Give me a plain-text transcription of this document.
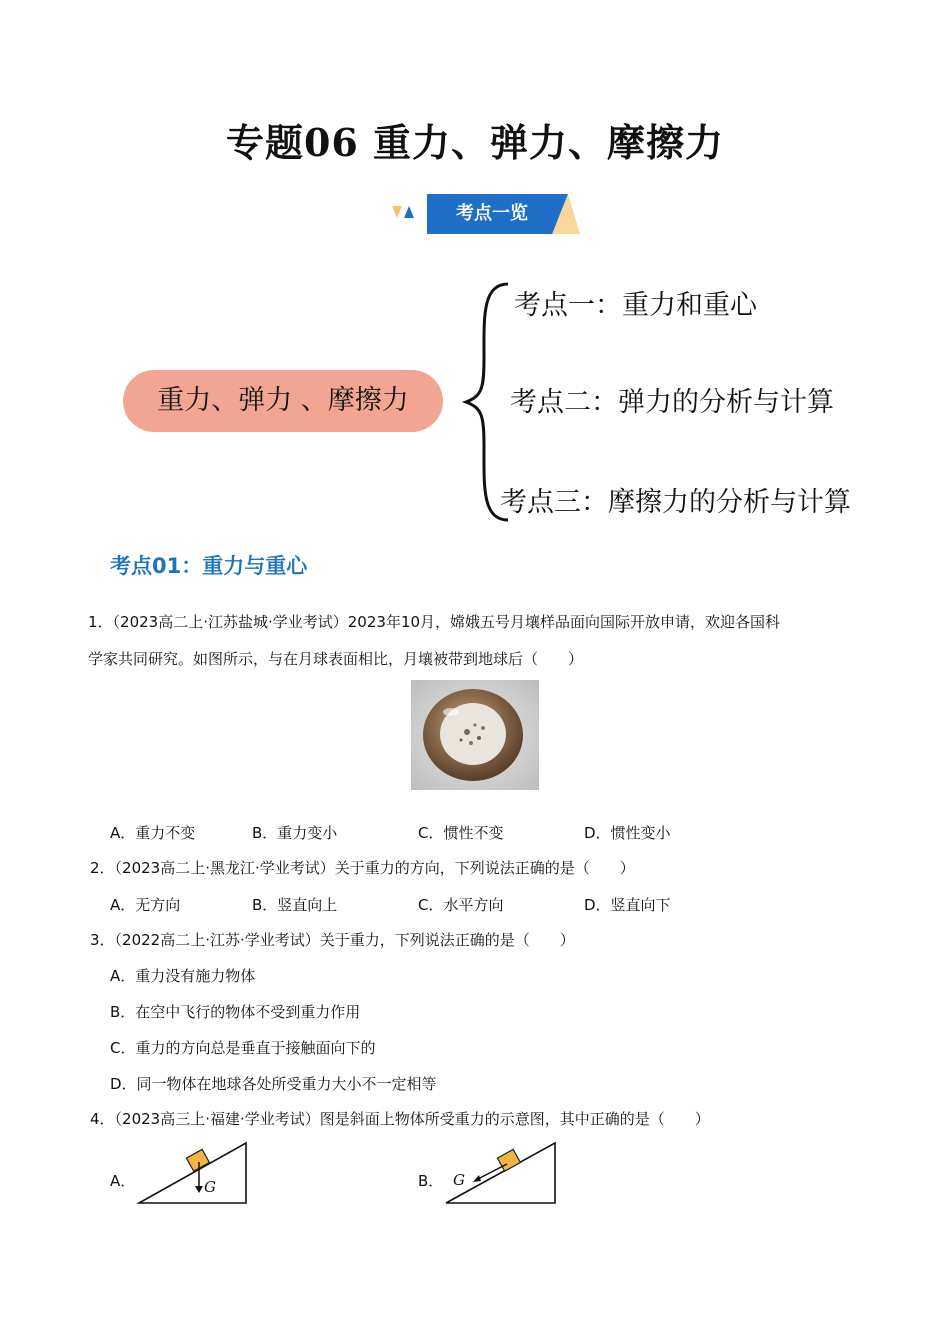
专题06 重力、弹力、摩擦力
考点一览
重力、弹力 、摩擦力
考点一：重力和重心
考点二：弹力的分析与计算
考点三：摩擦力的分析与计算
考点01：重力与重心
1．（2023高二上·江苏盐城·学业考试）2023年10月，嫦娥五号月壤样品面向国际开放申请，欢迎各国科
学家共同研究。如图所示，与在月球表面相比，月壤被带到地球后（　　）
A．重力不变	B．重力变小	C．惯性不变	D．惯性变小
2．（2023高二上·黑龙江·学业考试）关于重力的方向，下列说法正确的是（　　）
A．无方向	B．竖直向上	C．水平方向	D．竖直向下
3．（2022高二上·江苏·学业考试）关于重力，下列说法正确的是（　　）
A．重力没有施力物体
B．在空中飞行的物体不受到重力作用
C．重力的方向总是垂直于接触面向下的
D．同一物体在地球各处所受重力大小不一定相等
4．（2023高三上·福建·学业考试）图是斜面上物体所受重力的示意图，其中正确的是（　　）
A．	G	B． G
